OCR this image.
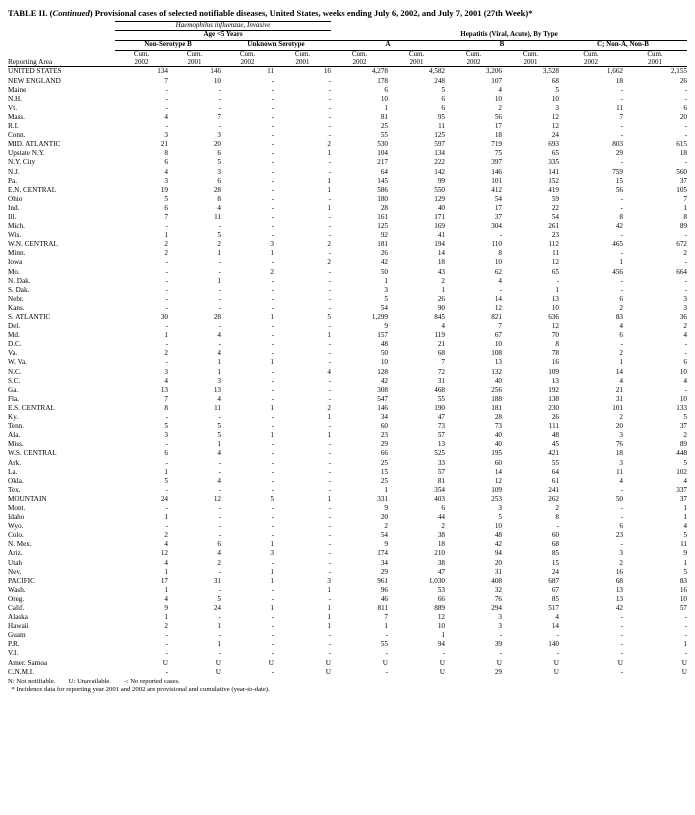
TABLE II. (Continued) Provisional cases of selected notifiable diseases, United States, weeks ending July 6, 2002, and July 7, 2001 (27th Week)*
	Haemophilus influenzae, Invasive									
	Age <5 Years				Hepatitis (Viral, Acute), By Type					
	Non-Serotype B		Unknown Serotype		A		B		C; Non-A, Non-B	
	Cum.	Cum.	Cum.	Cum.	Cum.	Cum.	Cum.	Cum.	Cum.	Cum.
Reporting Area	2002	2001	2002	2001	2002	2001	2002	2001	2002	2001
UNITED STATES	134	146	11	16	4,278	4,582	3,206	3,528	1,662	2,155
NEW ENGLAND	7	10	-	-	178	248	107	68	18	26
Maine	-	-	-	-	6	5	4	5	-	-
N.H.	-	-	-	-	10	6	10	10	-	-
Vt.	-	-	-	-	1	6	2	3	11	6
Mass.	4	7	-	-	81	95	56	12	7	20
R.I.	-	-	-	-	25	11	17	12	-	-
Conn.	3	3	-	-	55	125	18	24	-	-
MID. ATLANTIC	21	20	-	2	530	597	719	693	803	615
Upstate N.Y.	8	6	-	1	104	134	75	65	29	18
N.Y. City	6	5	-	-	217	222	397	335	-	-
N.J.	4	3	-	-	64	142	146	141	759	560
Pa.	3	6	-	1	145	99	101	152	15	37
E.N. CENTRAL	19	28	-	1	586	550	412	419	56	105
Ohio	5	8	-	-	180	129	54	59	-	7
Ind.	6	4	-	1	28	40	17	22	-	1
Ill.	7	11	-	-	161	171	37	54	8	8
Mich.	-	-	-	-	125	169	304	261	42	89
Wis.	1	5	-	-	92	41	-	23	-	-
W.N. CENTRAL	2	2	3	2	181	194	110	112	465	672
Minn.	2	1	1	-	26	14	8	11	-	2
Iowa	-	-	-	2	42	18	10	12	1	-
Mo.	-	-	2	-	50	43	62	65	456	664
N. Dak.	-	1	-	-	1	2	4	-	-	-
S. Dak.	-	-	-	-	3	1	-	1	-	-
Nebr.	-	-	-	-	5	26	14	13	6	3
Kans.	-	-	-	-	54	90	12	10	2	3
S. ATLANTIC	30	28	1	5	1,299	845	821	636	83	36
Del.	-	-	-	-	9	4	7	12	4	2
Md.	1	4	-	1	157	119	67	70	6	4
D.C.	-	-	-	-	48	21	10	8	-	-
Va.	2	4	-	-	50	68	108	78	2	-
W. Va.	-	1	1	-	10	7	13	16	1	6
N.C.	3	1	-	4	128	72	132	109	14	10
S.C.	4	3	-	-	42	31	40	13	4	4
Ga.	13	13	-	-	308	468	256	192	21	-
Fla.	7	4	-	-	547	55	188	138	31	10
E.S. CENTRAL	8	11	1	2	146	190	181	230	101	133
Ky.	-	-	-	1	34	47	28	26	2	5
Tenn.	5	5	-	-	60	73	73	111	20	37
Ala.	3	5	1	1	23	57	40	48	3	2
Miss.	-	1	-	-	29	13	40	45	76	89
W.S. CENTRAL	6	4	-	-	66	525	195	421	18	448
Ark.	-	-	-	-	25	33	60	55	3	5
La.	1	-	-	-	15	57	14	64	11	102
Okla.	5	4	-	-	25	81	12	61	4	4
Tex.	-	-	-	-	1	354	109	241	-	337
MOUNTAIN	24	12	5	1	331	403	253	262	50	37
Mont.	-	-	-	-	9	6	3	2	-	1
Idaho	1	-	-	-	20	44	5	8	-	1
Wyo.	-	-	-	-	2	2	10	-	6	4
Colo.	2	-	-	-	54	38	48	60	23	5
N. Mex.	4	6	1	-	9	18	42	68	-	11
Ariz.	12	4	3	-	174	210	94	85	3	9
Utah	4	2	-	-	34	38	20	15	2	1
Nev.	1	-	1	-	29	47	31	24	16	5
PACIFIC	17	31	1	3	961	1,030	408	687	68	83
Wash.	1	-	-	1	96	53	32	67	13	16
Oreg.	4	5	-	-	46	66	76	85	13	10
Calif.	9	24	1	1	811	889	294	517	42	57
Alaska	1	-	-	1	7	12	3	4	-	-
Hawaii	2	1	-	1	1	10	3	14	-	-
Guam	-	-	-	-	-	1	-	-	-	-
P.R.	-	1	-	-	55	94	39	140	-	1
V.I.	-	-	-	-	-	-	-	-	-	-
Amer. Samoa	U	U	U	U	U	U	U	U	U	U
C.N.M.I.	-	U	-	U	-	U	29	U	-	U
N: Not notifiable.        U: Unavailable.        -: No reported cases.
* Incidence data for reporting year 2001 and 2002 are provisional and cumulative (year-to-date).
